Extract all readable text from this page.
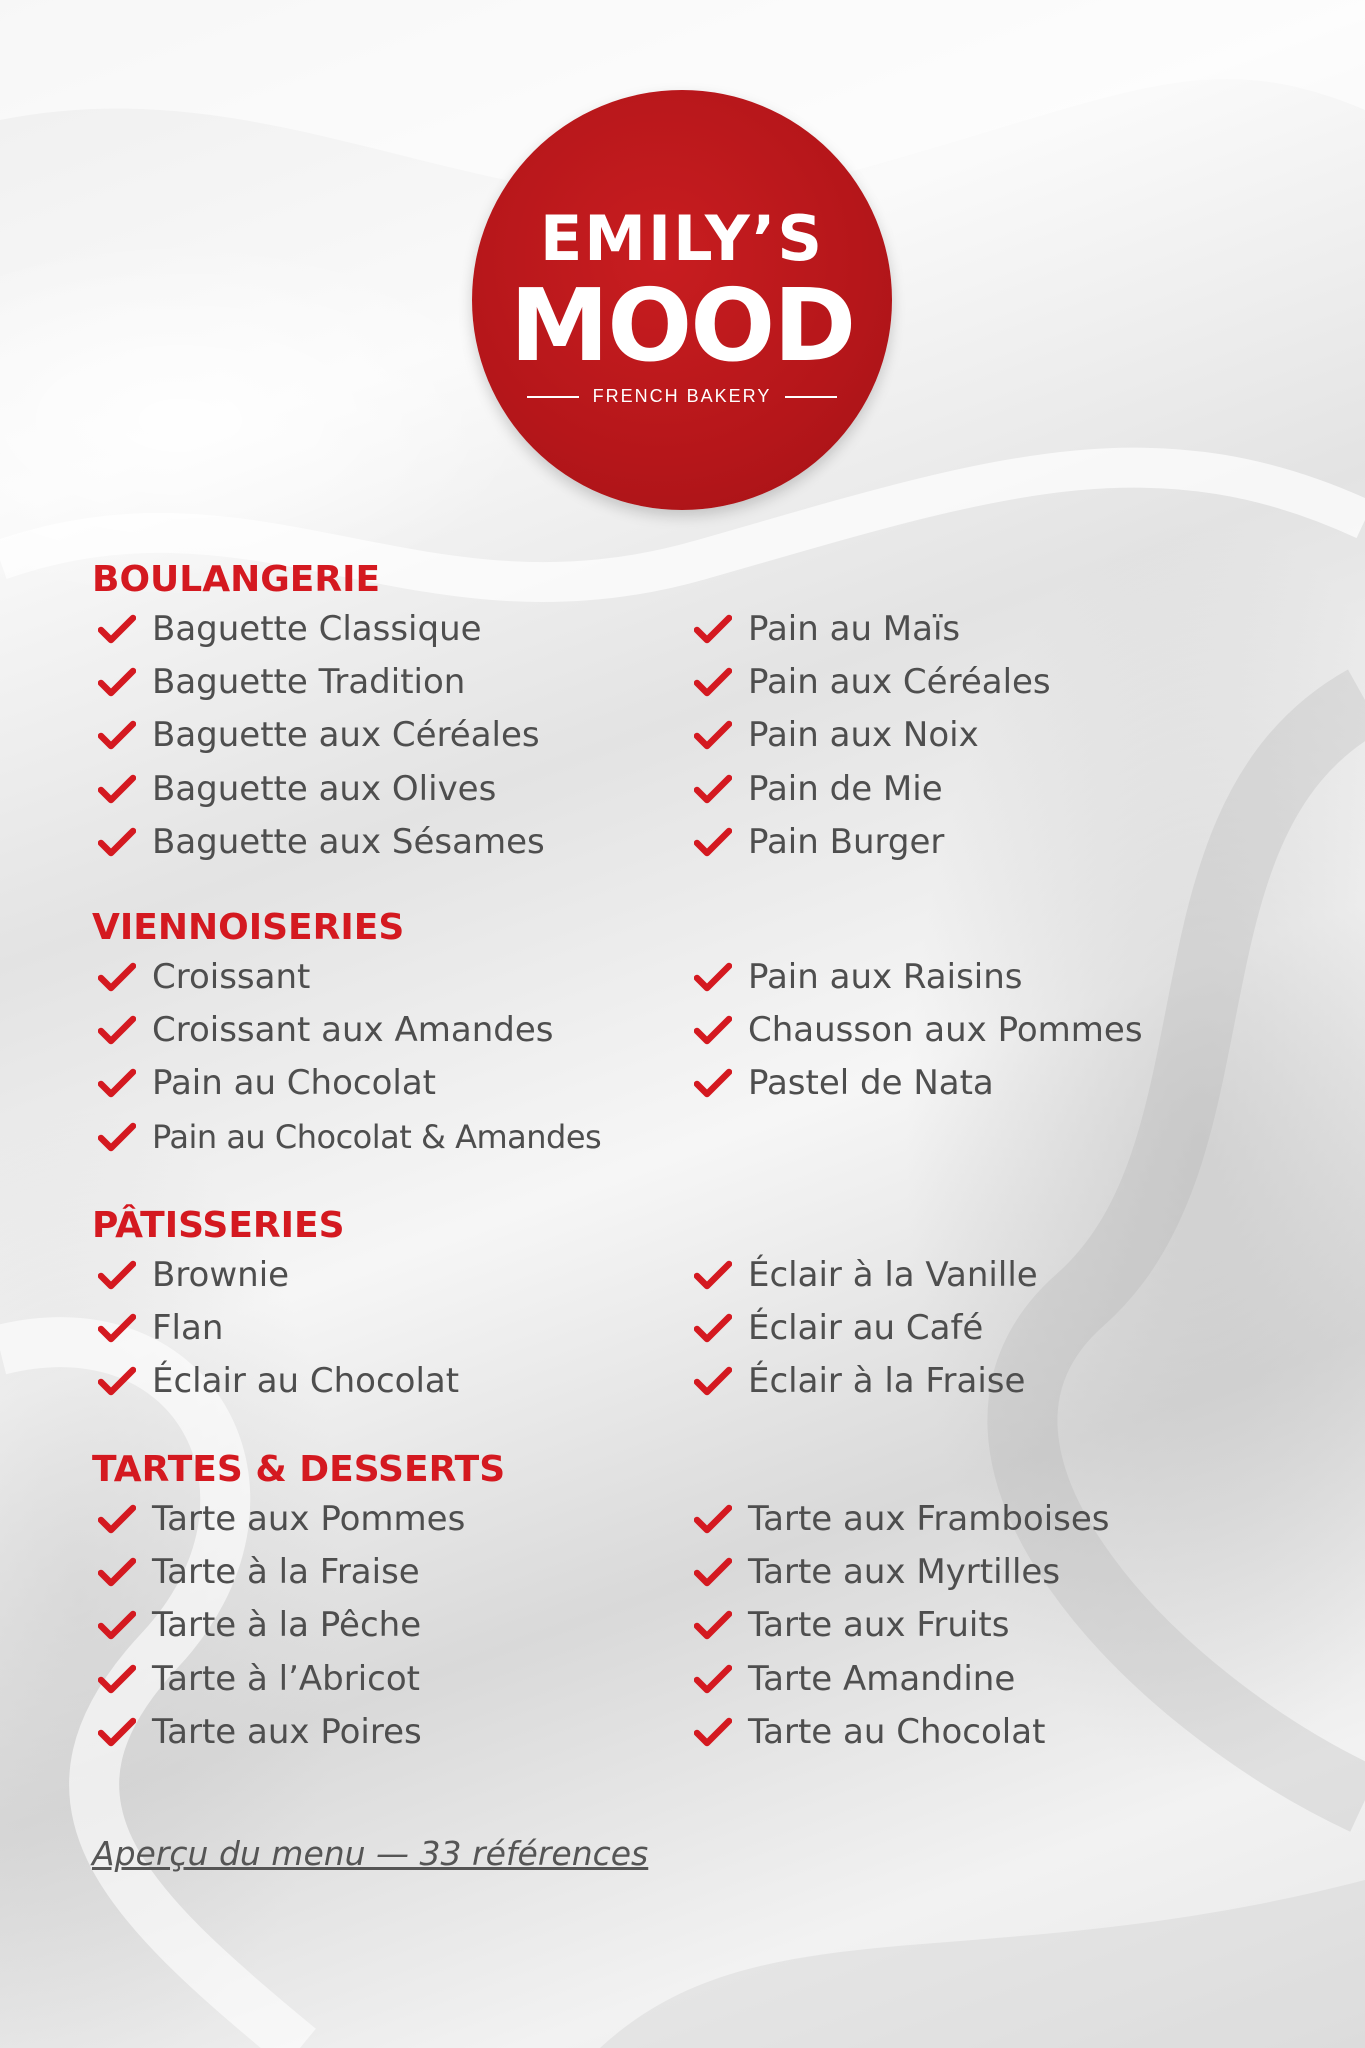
EMILY’S
MOOD
FRENCH BAKERY
BOULANGERIE
Baguette Classique
Baguette Tradition
Baguette aux Céréales
Baguette aux Olives
Baguette aux Sésames
Pain au Maïs
Pain aux Céréales
Pain aux Noix
Pain de Mie
Pain Burger
VIENNOISERIES
Croissant
Croissant aux Amandes
Pain au Chocolat
Pain au Chocolat & Amandes
Pain aux Raisins
Chausson aux Pommes
Pastel de Nata
PÂTISSERIES
Brownie
Flan
Éclair au Chocolat
Éclair à la Vanille
Éclair au Café
Éclair à la Fraise
TARTES & DESSERTS
Tarte aux Pommes
Tarte à la Fraise
Tarte à la Pêche
Tarte à l’Abricot
Tarte aux Poires
Tarte aux Framboises
Tarte aux Myrtilles
Tarte aux Fruits
Tarte Amandine
Tarte au Chocolat
Aperçu du menu — 33 références
